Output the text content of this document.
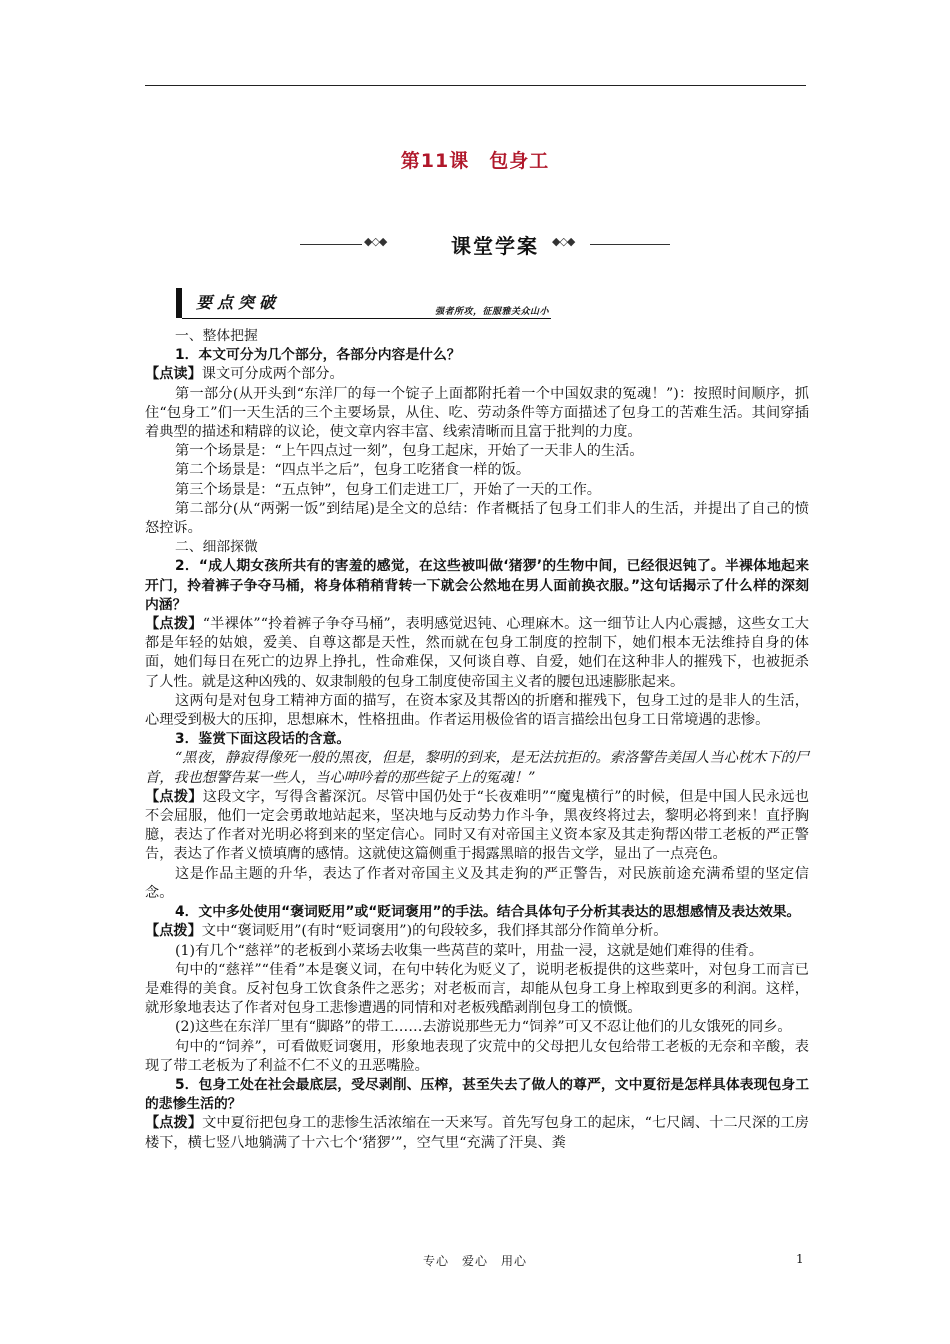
第11课　包身工
◆◇◆	课堂学案	◆◇◆
要点突破	强者所攻，征服雅关众山小

一、整体把握

1．本文可分为几个部分，各部分内容是什么？

【点读】课文可分成两个部分。

第一部分(从开头到“东洋厂的每一个锭子上面都附托着一个中国奴隶的冤魂！”)：按照时间顺序，抓住“包身工”们一天生活的三个主要场景，从住、吃、劳动条件等方面描述了包身工的苦难生活。其间穿插着典型的描述和精辟的议论，使文章内容丰富、线索清晰而且富于批判的力度。

第一个场景是：“上午四点过一刻”，包身工起床，开始了一天非人的生活。

第二个场景是：“四点半之后”，包身工吃猪食一样的饭。

第三个场景是：“五点钟”，包身工们走进工厂，开始了一天的工作。

第二部分(从“两粥一饭”到结尾)是全文的总结：作者概括了包身工们非人的生活，并提出了自己的愤怒控诉。

二、细部探微

2．“成人期女孩所共有的害羞的感觉，在这些被叫做‘猪猡’的生物中间，已经很迟钝了。半裸体地起来开门，拎着裤子争夺马桶，将身体稍稍背转一下就会公然地在男人面前换衣服。”这句话揭示了什么样的深刻内涵？

【点拨】“半裸体”“拎着裤子争夺马桶”，表明感觉迟钝、心理麻木。这一细节让人内心震撼，这些女工大都是年轻的姑娘，爱美、自尊这都是天性，然而就在包身工制度的控制下，她们根本无法维持自身的体面，她们每日在死亡的边界上挣扎，性命难保，又何谈自尊、自爱，她们在这种非人的摧残下，也被扼杀了人性。就是这种凶残的、奴隶制般的包身工制度使帝国主义者的腰包迅速膨胀起来。

这两句是对包身工精神方面的描写，在资本家及其帮凶的折磨和摧残下，包身工过的是非人的生活，心理受到极大的压抑，思想麻木，性格扭曲。作者运用极俭省的语言描绘出包身工日常境遇的悲惨。

3．鉴赏下面这段话的含意。

“黑夜，静寂得像死一般的黑夜，但是，黎明的到来，是无法抗拒的。索洛警告美国人当心枕木下的尸首，我也想警告某一些人，当心呻吟着的那些锭子上的冤魂！”

【点拨】这段文字，写得含蓄深沉。尽管中国仍处于“长夜难明”“魔鬼横行”的时候，但是中国人民永远也不会屈服，他们一定会勇敢地站起来，坚决地与反动势力作斗争，黑夜终将过去，黎明必将到来！直抒胸臆，表达了作者对光明必将到来的坚定信心。同时又有对帝国主义资本家及其走狗帮凶带工老板的严正警告，表达了作者义愤填膺的感情。这就使这篇侧重于揭露黑暗的报告文学，显出了一点亮色。

这是作品主题的升华，表达了作者对帝国主义及其走狗的严正警告，对民族前途充满希望的坚定信念。

4．文中多处使用“褒词贬用”或“贬词褒用”的手法。结合具体句子分析其表达的思想感情及表达效果。

【点拨】文中“褒词贬用”(有时“贬词褒用”)的句段较多，我们择其部分作简单分析。

(1)有几个“慈祥”的老板到小菜场去收集一些莴苣的菜叶，用盐一浸，这就是她们难得的佳肴。

句中的“慈祥”“佳肴”本是褒义词，在句中转化为贬义了，说明老板提供的这些菜叶，对包身工而言已是难得的美食。反衬包身工饮食条件之恶劣；对老板而言，却能从包身工身上榨取到更多的利润。这样，就形象地表达了作者对包身工悲惨遭遇的同情和对老板残酷剥削包身工的愤慨。

(2)这些在东洋厂里有“脚路”的带工……去游说那些无力“饲养”可又不忍让他们的儿女饿死的同乡。

句中的“饲养”，可看做贬词褒用，形象地表现了灾荒中的父母把儿女包给带工老板的无奈和辛酸，表现了带工老板为了利益不仁不义的丑恶嘴脸。

5．包身工处在社会最底层，受尽剥削、压榨，甚至失去了做人的尊严，文中夏衍是怎样具体表现包身工的悲惨生活的？

【点拨】文中夏衍把包身工的悲惨生活浓缩在一天来写。首先写包身工的起床，“七尺阔、十二尺深的工房楼下，横七竖八地躺满了十六七个‘猪猡’”，空气里“充满了汗臭、粪

专心　爱心　用心	1
